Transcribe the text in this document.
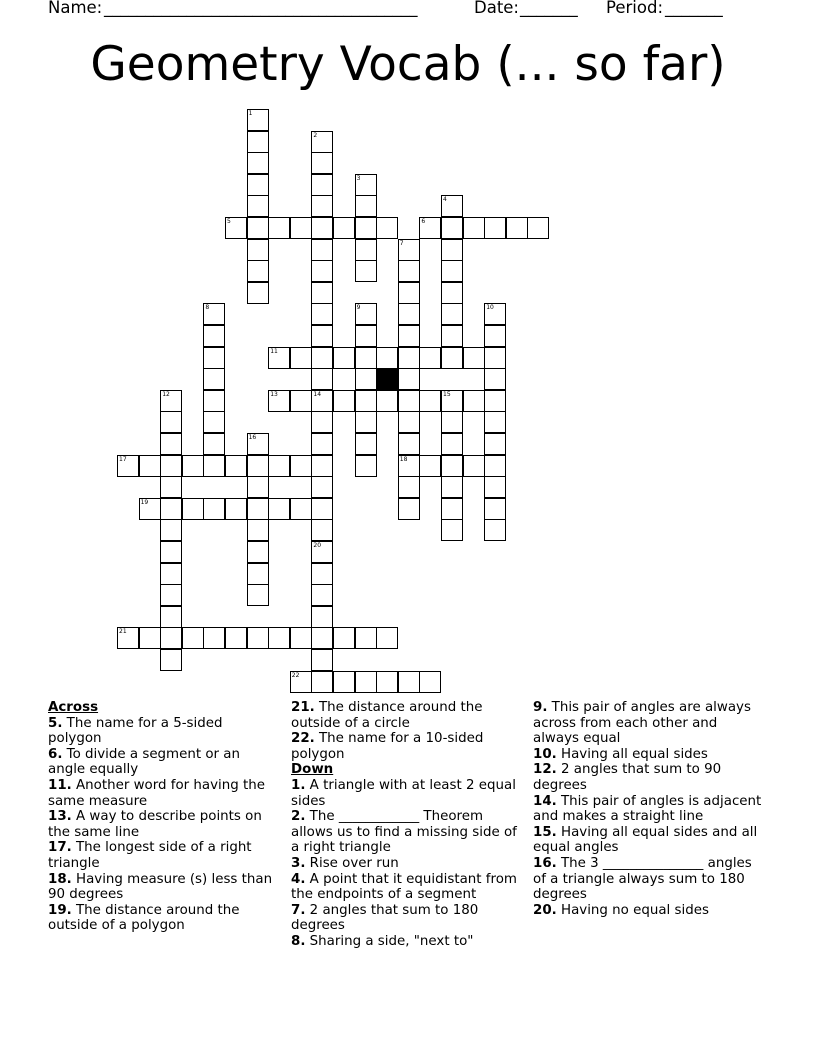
Name: ______________________________________	Date: _______ Period: _______
Geometry Vocab (... so far)
5	6
11
13
17	18
19
21
22
1
2
3
4
7
8	9	10
12	14	15
16
20
Across
5. The name for a 5-sided polygon
6. To divide a segment or an angle equally
11. Another word for having the same measure
13. A way to describe points on the same line
17. The longest side of a right triangle
18. Having measure (s) less than 90 degrees
19. The distance around the outside of a polygon
21. The distance around the outside of a circle
22. The name for a 10-sided polygon
Down
1. A triangle with at least 2 equal sides
2. The ____________ Theorem allows us to find a missing side of a right triangle
3. Rise over run
4. A point that it equidistant from the endpoints of a segment
7. 2 angles that sum to 180 degrees
8. Sharing a side, "next to"
9. This pair of angles are always across from each other and always equal
10. Having all equal sides
12. 2 angles that sum to 90 degrees
14. This pair of angles is adjacent and makes a straight line
15. Having all equal sides and all equal angles
16. The 3 _______________ angles of a triangle always sum to 180 degrees
20. Having no equal sides
